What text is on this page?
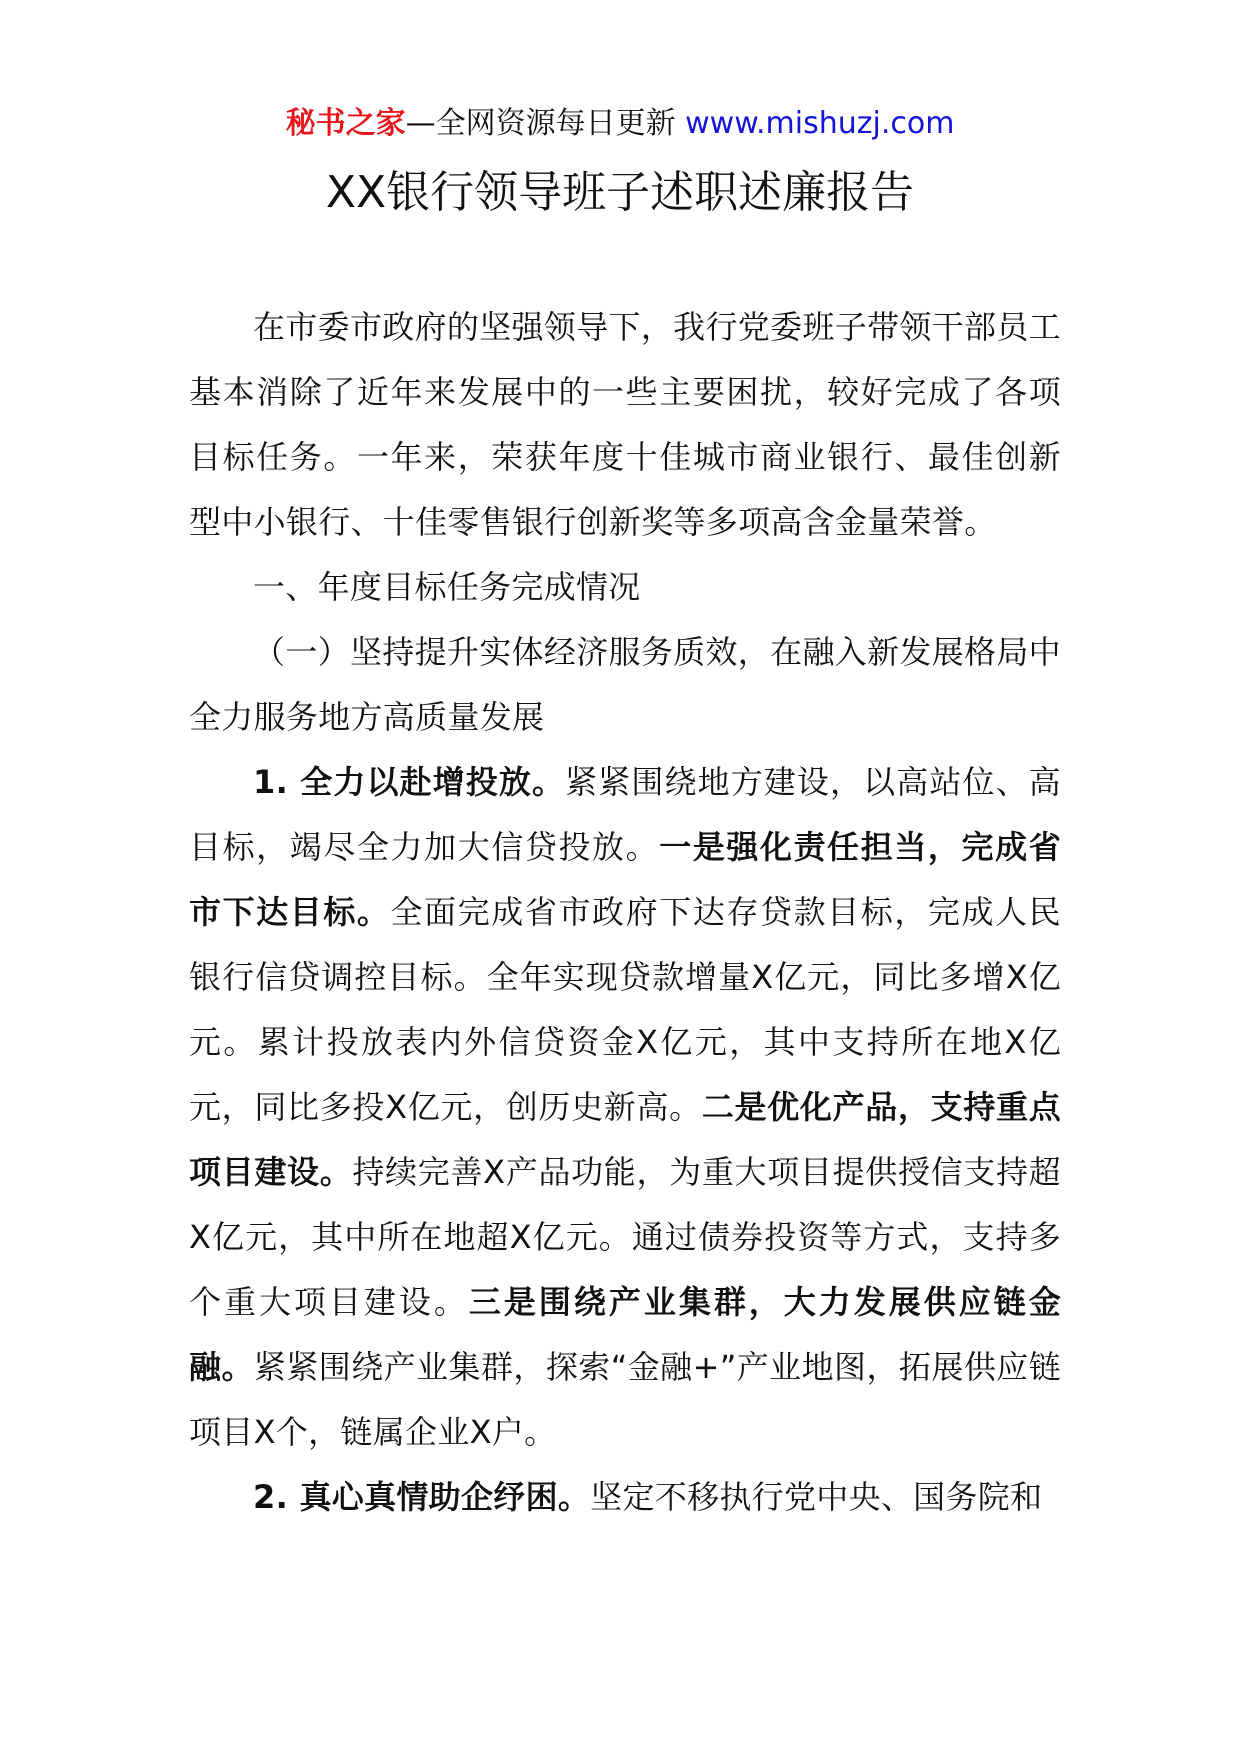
秘书之家—全网资源每日更新 www.mishuzj.com
XX银行领导班子述职述廉报告

在市委市政府的坚强领导下，我行党委班子带领干部员工基本消除了近年来发展中的一些主要困扰，较好完成了各项目标任务。一年来，荣获年度十佳城市商业银行、最佳创新型中小银行、十佳零售银行创新奖等多项高含金量荣誉。

一、年度目标任务完成情况

（一）坚持提升实体经济服务质效，在融入新发展格局中全力服务地方高质量发展

1. 全力以赴增投放。紧紧围绕地方建设，以高站位、高目标，竭尽全力加大信贷投放。一是强化责任担当，完成省市下达目标。全面完成省市政府下达存贷款目标，完成人民银行信贷调控目标。全年实现贷款增量X亿元，同比多增X亿元。累计投放表内外信贷资金X亿元，其中支持所在地X亿元，同比多投X亿元，创历史新高。二是优化产品，支持重点项目建设。持续完善X产品功能，为重大项目提供授信支持超X亿元，其中所在地超X亿元。通过债券投资等方式，支持多个重大项目建设。三是围绕产业集群，大力发展供应链金融。紧紧围绕产业集群，探索“金融+”产业地图，拓展供应链项目X个，链属企业X户。

2. 真心真情助企纾困。坚定不移执行党中央、国务院和
